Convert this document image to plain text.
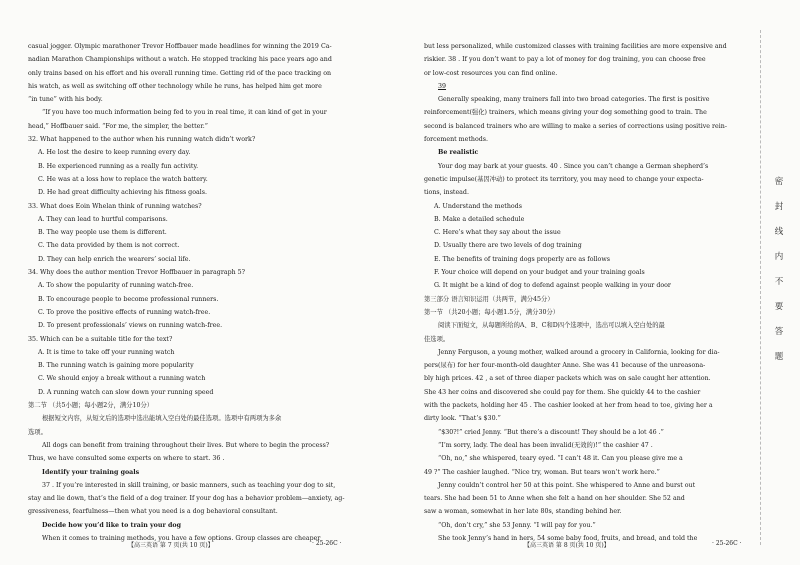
casual jogger. Olympic marathoner Trevor Hoffbauer made headlines for winning the 2019 Ca-
nadian Marathon Championships without a watch. He stopped tracking his pace years ago and
only trains based on his effort and his overall running time. Getting rid of the pace tracking on
his watch, as well as switching off other technology while he runs, has helped him get more
“in tune” with his body.
“If you have too much information being fed to you in real time, it can kind of get in your
head,” Hoffbauer said. “For me, the simpler, the better.”
32. What happened to the author when his running watch didn’t work?
A. He lost the desire to keep running every day.
B. He experienced running as a really fun activity.
C. He was at a loss how to replace the watch battery.
D. He had great difficulty achieving his fitness goals.
33. What does Eoin Whelan think of running watches?
A. They can lead to hurtful comparisons.
B. The way people use them is different.
C. The data provided by them is not correct.
D. They can help enrich the wearers’ social life.
34. Why does the author mention Trevor Hoffbauer in paragraph 5?
A. To show the popularity of running watch-free.
B. To encourage people to become professional runners.
C. To prove the positive effects of running watch-free.
D. To present professionals’ views on running watch-free.
35. Which can be a suitable title for the text?
A. It is time to take off your running watch
B. The running watch is gaining more popularity
C. We should enjoy a break without a running watch
D. A running watch can slow down your running speed
第二节 （共5小题；每小题2分，满分10分）
根据短文内容，从短文后的选项中选出能填入空白处的最佳选项。选项中有两项为多余
选项。
All dogs can benefit from training throughout their lives. But where to begin the process?
Thus, we have consulted some experts on where to start. 36 .
Identify your training goals
37 . If you’re interested in skill training, or basic manners, such as teaching your dog to sit,
stay and lie down, that’s the field of a dog trainer. If your dog has a behavior problem—anxiety, ag-
gressiveness, fearfulness—then what you need is a dog behavioral consultant.
Decide how you’d like to train your dog
When it comes to training methods, you have a few options. Group classes are cheaper
but less personalized, while customized classes with training facilities are more expensive and
riskier. 38 . If you don’t want to pay a lot of money for dog training, you can choose free
or low-cost resources you can find online.
39
Generally speaking, many trainers fall into two broad categories. The first is positive
reinforcement(强化) trainers, which means giving your dog something good to train. The
second is balanced trainers who are willing to make a series of corrections using positive rein-
forcement methods.
Be realistic
Your dog may bark at your guests. 40 . Since you can’t change a German shepherd’s
genetic impulse(基因冲动) to protect its territory, you may need to change your expecta-
tions, instead.
A. Understand the methods
B. Make a detailed schedule
C. Here’s what they say about the issue
D. Usually there are two levels of dog training
E. The benefits of training dogs properly are as follows
F. Your choice will depend on your budget and your training goals
G. It might be a kind of dog to defend against people walking in your door
第三部分 语言知识运用（共两节，满分45分）
第一节 （共20小题；每小题1.5分，满分30分）
阅读下面短文，从每题所给的A、B、C和D四个选项中，选出可以填入空白处的最
佳选项。
Jenny Ferguson, a young mother, walked around a grocery in California, looking for dia-
pers(尿布) for her four-month-old daughter Anne. She was 41 because of the unreasona-
bly high prices. 42 , a set of three diaper packets which was on sale caught her attention.
She 43 her coins and discovered she could pay for them. She quickly 44 to the cashier
with the packets, holding her 45 . The cashier looked at her from head to toe, giving her a
dirty look. “That’s $30.”
“$30?!” cried Jenny. “But there’s a discount! They should be a lot 46 .”
“I’m sorry, lady. The deal has been invalid(无效的)!” the cashier 47 .
“Oh, no,” she whispered, teary eyed. “I can’t 48 it. Can you please give me a
49 ?” The cashier laughed. “Nice try, woman. But tears won’t work here.”
Jenny couldn’t control her 50 at this point. She whispered to Anne and burst out
tears. She had been 51 to Anne when she felt a hand on her shoulder. She 52 and
saw a woman, somewhat in her late 80s, standing behind her.
“Oh, don’t cry,” she 53 Jenny. “I will pay for you.”
She took Jenny’s hand in hers, 54 some baby food, fruits, and bread, and told the
【高三英语 第 7 页(共 10 页)】	· 25-26C ·	【高三英语 第 8 页(共 10 页)】	· 25-26C ·
密
封
线
内
不
要
答
题
